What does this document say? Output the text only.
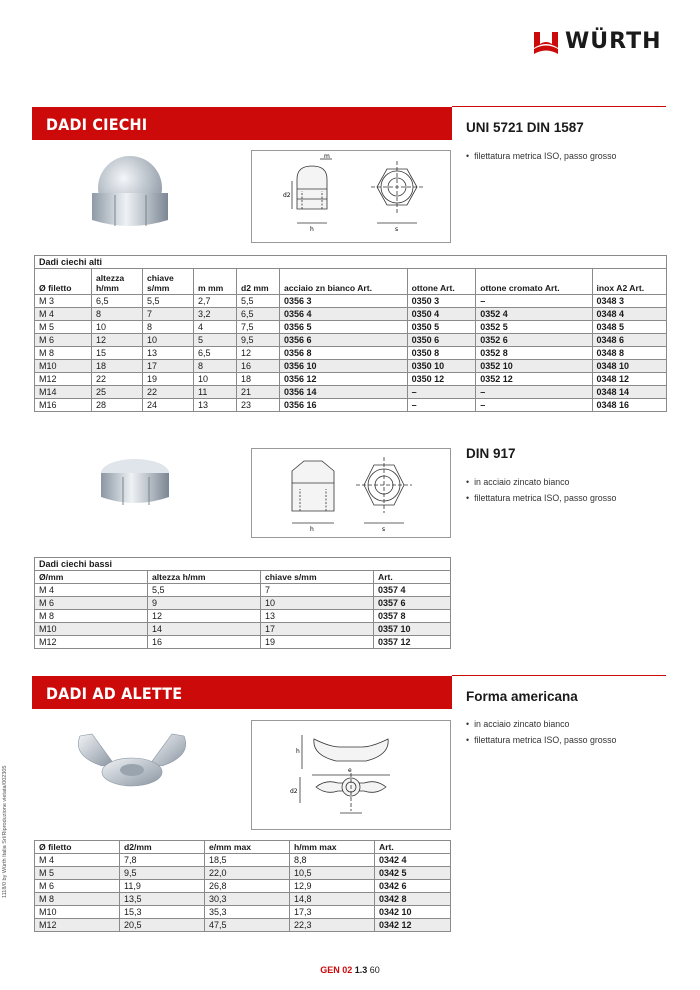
WÜRTH
DADI CIECHI	UNI 5721 DIN 1587
• filettatura metrica ISO, passo grosso
m
d2
h	s
Dadi ciechi alti								
Ø filetto	altezza h/mm	chiave s/mm	m mm	d2 mm	acciaio zn bianco Art.	ottone Art.	ottone cromato Art.	inox A2 Art.
M 3	6,5	5,5	2,7	5,5	0356 3	0350 3	–	0348 3
M 4	8	7	3,2	6,5	0356 4	0350 4	0352 4	0348 4
M 5	10	8	4	7,5	0356 5	0350 5	0352 5	0348 5
M 6	12	10	5	9,5	0356 6	0350 6	0352 6	0348 6
M 8	15	13	6,5	12	0356 8	0350 8	0352 8	0348 8
M10	18	17	8	16	0356 10	0350 10	0352 10	0348 10
M12	22	19	10	18	0356 12	0350 12	0352 12	0348 12
M14	25	22	11	21	0356 14	–	–	0348 14
M16	28	24	13	23	0356 16	–	–	0348 16
h	s
DIN 917
• in acciaio zincato bianco
• filettatura metrica ISO, passo grosso
Dadi ciechi bassi			
Ø/mm	altezza h/mm	chiave s/mm	Art.
M 4	5,5	7	0357 4
M 6	9	10	0357 6
M 8	12	13	0357 8
M10	14	17	0357 10
M12	16	19	0357 12
DADI AD ALETTE	Forma americana
• in acciaio zincato bianco
• filettatura metrica ISO, passo grosso
h
e
d2
Ø filetto	d2/mm	e/mm max	h/mm max	Art.
M 4	7,8	18,5	8,8	0342 4
M 5	9,5	22,0	10,5	0342 5
M 6	11,9	26,8	12,9	0342 6
M 8	13,5	30,3	14,8	0342 8
M10	15,3	35,3	17,3	0342 10
M12	20,5	47,5	22,3	0342 12
1118/0 by Würth Italia Srl/Riproduzione vietata/002305
GEN 02 1.3 60
